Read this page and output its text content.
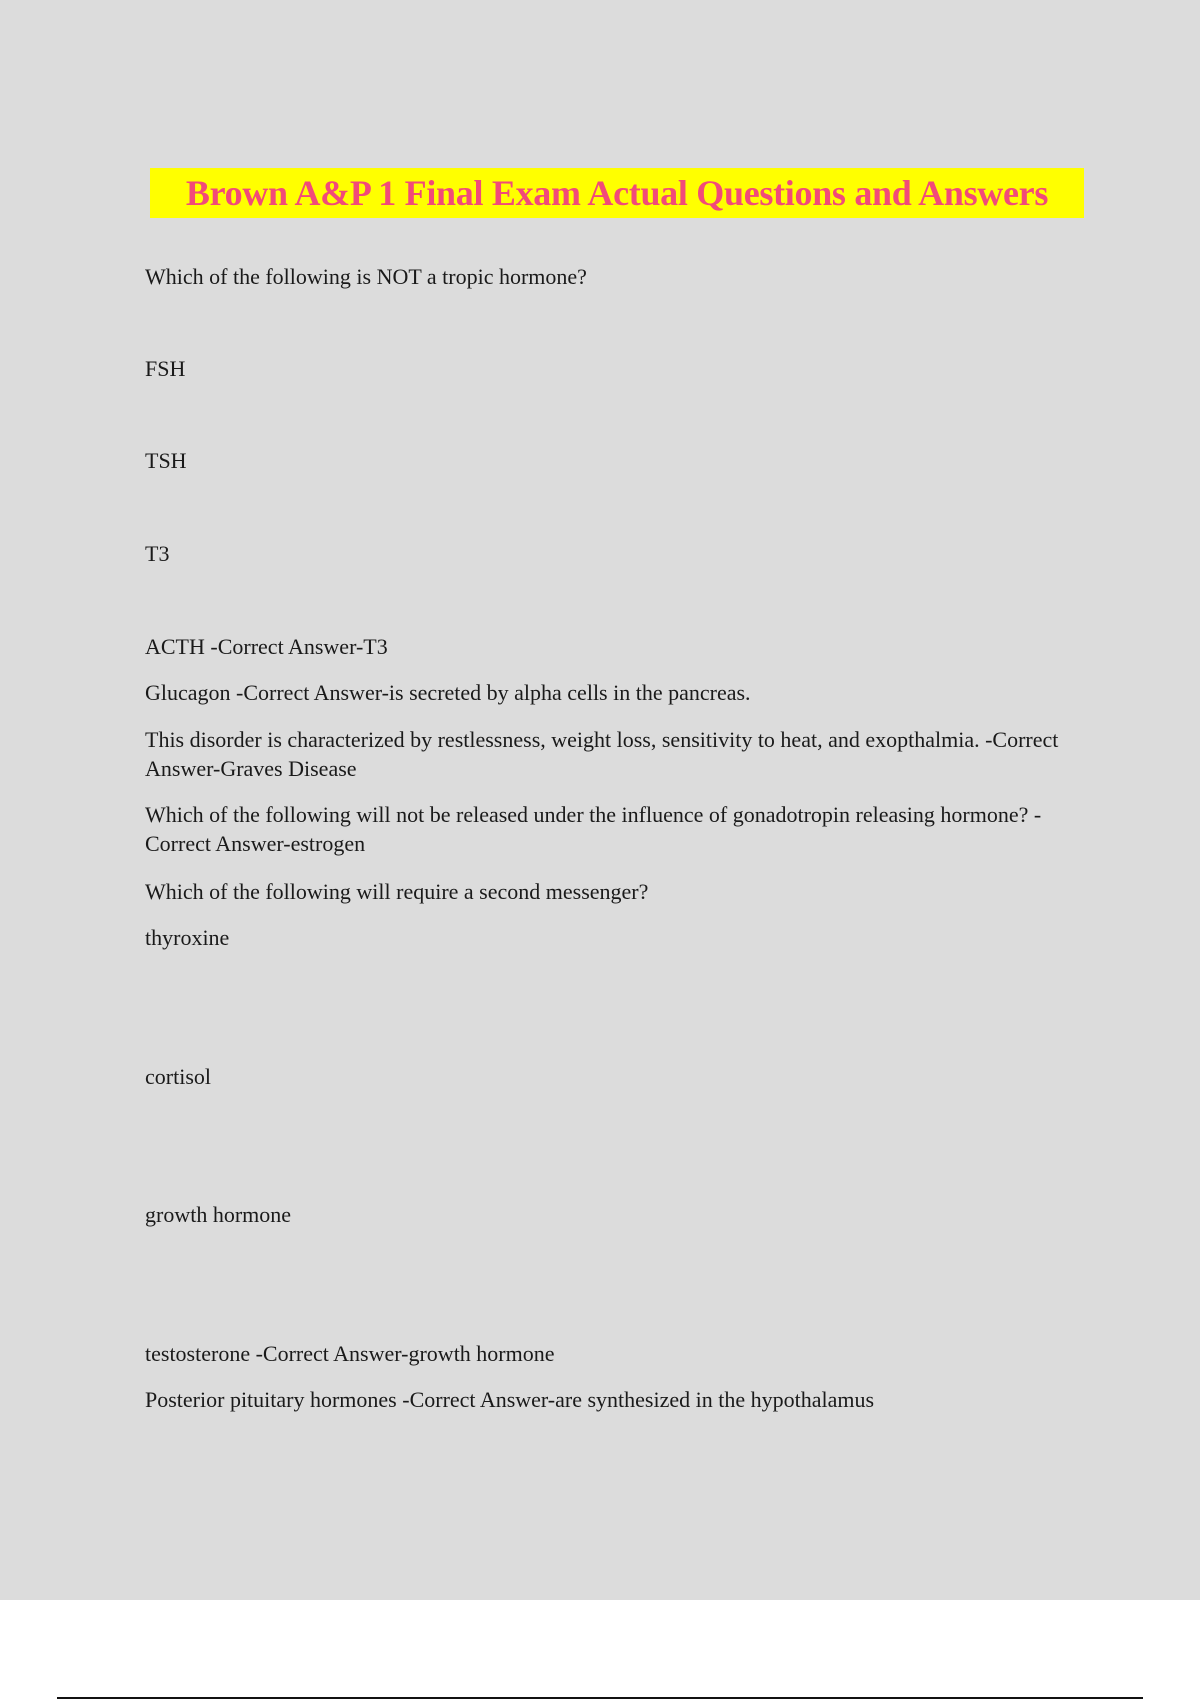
Brown A&P 1 Final Exam Actual Questions and Answers
Which of the following is NOT a tropic hormone?
FSH
TSH
T3
ACTH -Correct Answer-T3
Glucagon -Correct Answer-is secreted by alpha cells in the pancreas.
This disorder is characterized by restlessness, weight loss, sensitivity to heat, and exopthalmia. -Correct Answer-Graves Disease
Which of the following will not be released under the influence of gonadotropin releasing hormone? -Correct Answer-estrogen
Which of the following will require a second messenger?
thyroxine
cortisol
growth hormone
testosterone -Correct Answer-growth hormone
Posterior pituitary hormones -Correct Answer-are synthesized in the hypothalamus
